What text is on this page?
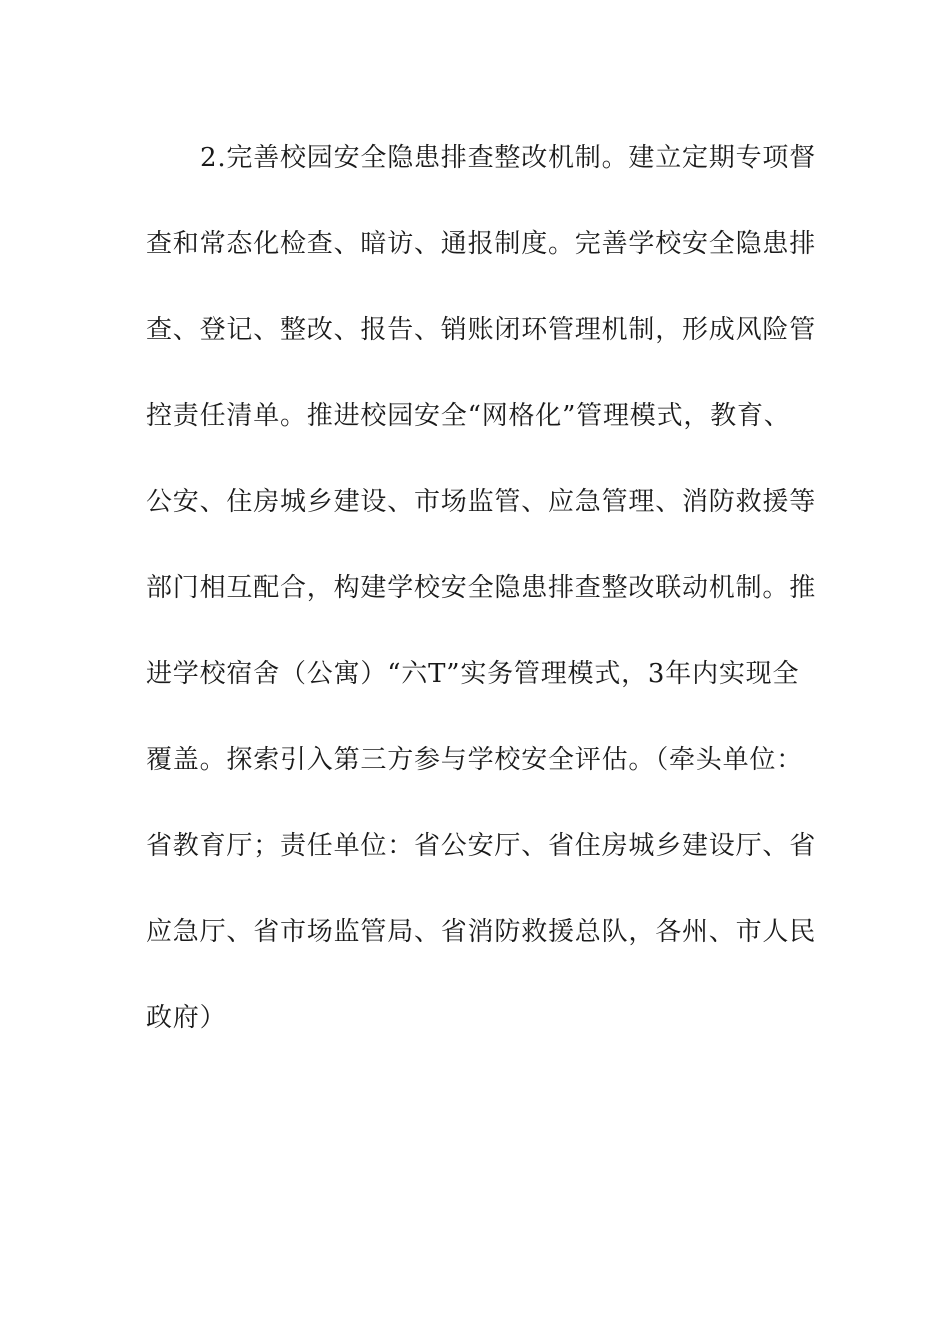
2.完善校园安全隐患排查整改机制。建立定期专项督
查和常态化检查、暗访、通报制度。完善学校安全隐患排
查、登记、整改、报告、销账闭环管理机制，形成风险管
控责任清单。推进校园安全“网格化”管理模式，教育、
公安、住房城乡建设、市场监管、应急管理、消防救援等
部门相互配合，构建学校安全隐患排查整改联动机制。推
进学校宿舍（公寓）“六T”实务管理模式，3年内实现全
覆盖。探索引入第三方参与学校安全评估。（牵头单位：
省教育厅；责任单位：省公安厅、省住房城乡建设厅、省
应急厅、省市场监管局、省消防救援总队，各州、市人民
政府）
